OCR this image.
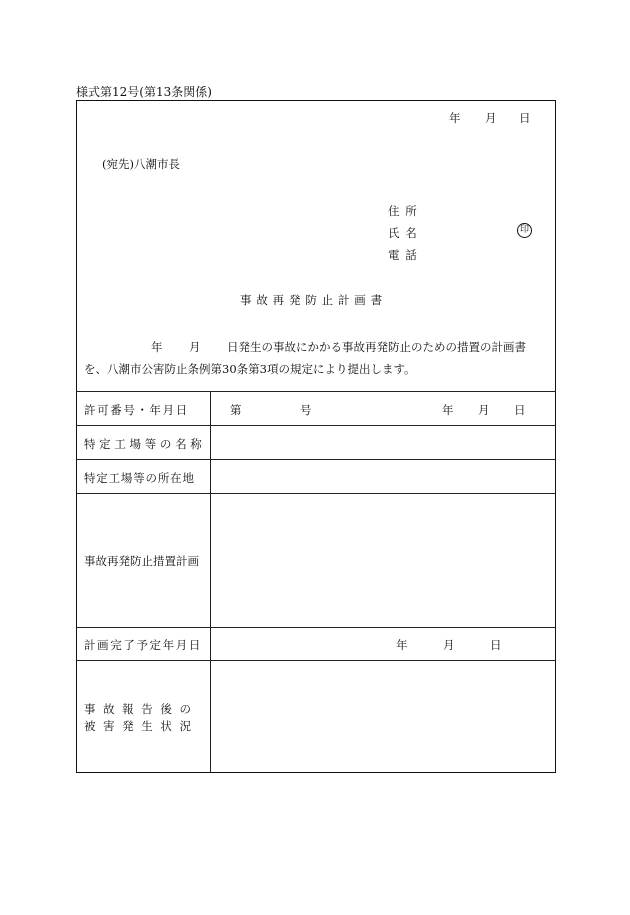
様式第12号(第13条関係)
年 月 日
(宛先)八潮市長
住所
氏名	印
電話
事故再発防止計画書
年 月 日発生の事故にかかる事故再発防止のための措置の計画書
を、八潮市公害防止条例第30条第3項の規定により提出します。
許可番号・年月日	第	号	年 月 日
特定工場等の名称
特定工場等の所在地
事故再発防止措置計画
計画完了予定年月日	年	月	日
事故報告後の
被害発生状況
